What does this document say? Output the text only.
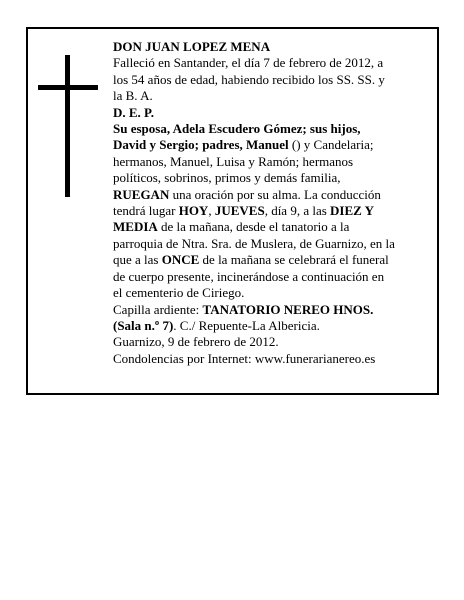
DON JUAN LOPEZ MENA

Falleció en Santander, el día 7 de febrero de 2012, a los 54 años de edad, habiendo recibido los SS. SS. y la B. A.

D. E. P.

Su esposa, Adela Escudero Gómez; sus hijos, David y Sergio; padres, Manuel () y Candelaria; hermanos, Manuel, Luisa y Ramón; hermanos políticos, sobrinos, primos y demás familia,

RUEGAN una oración por su alma. La conducción tendrá lugar HOY, JUEVES, día 9, a las DIEZ Y MEDIA de la mañana, desde el tanatorio a la parroquia de Ntra. Sra. de Muslera, de Guarnizo, en la que a las ONCE de la mañana se celebrará el funeral de cuerpo presente, incinerándose a continuación en el cementerio de Ciriego.

Capilla ardiente: TANATORIO NEREO HNOS. (Sala n.º 7). C./ Repuente-La Albericia.

Guarnizo, 9 de febrero de 2012.

Condolencias por Internet: www.funerarianereo.es
